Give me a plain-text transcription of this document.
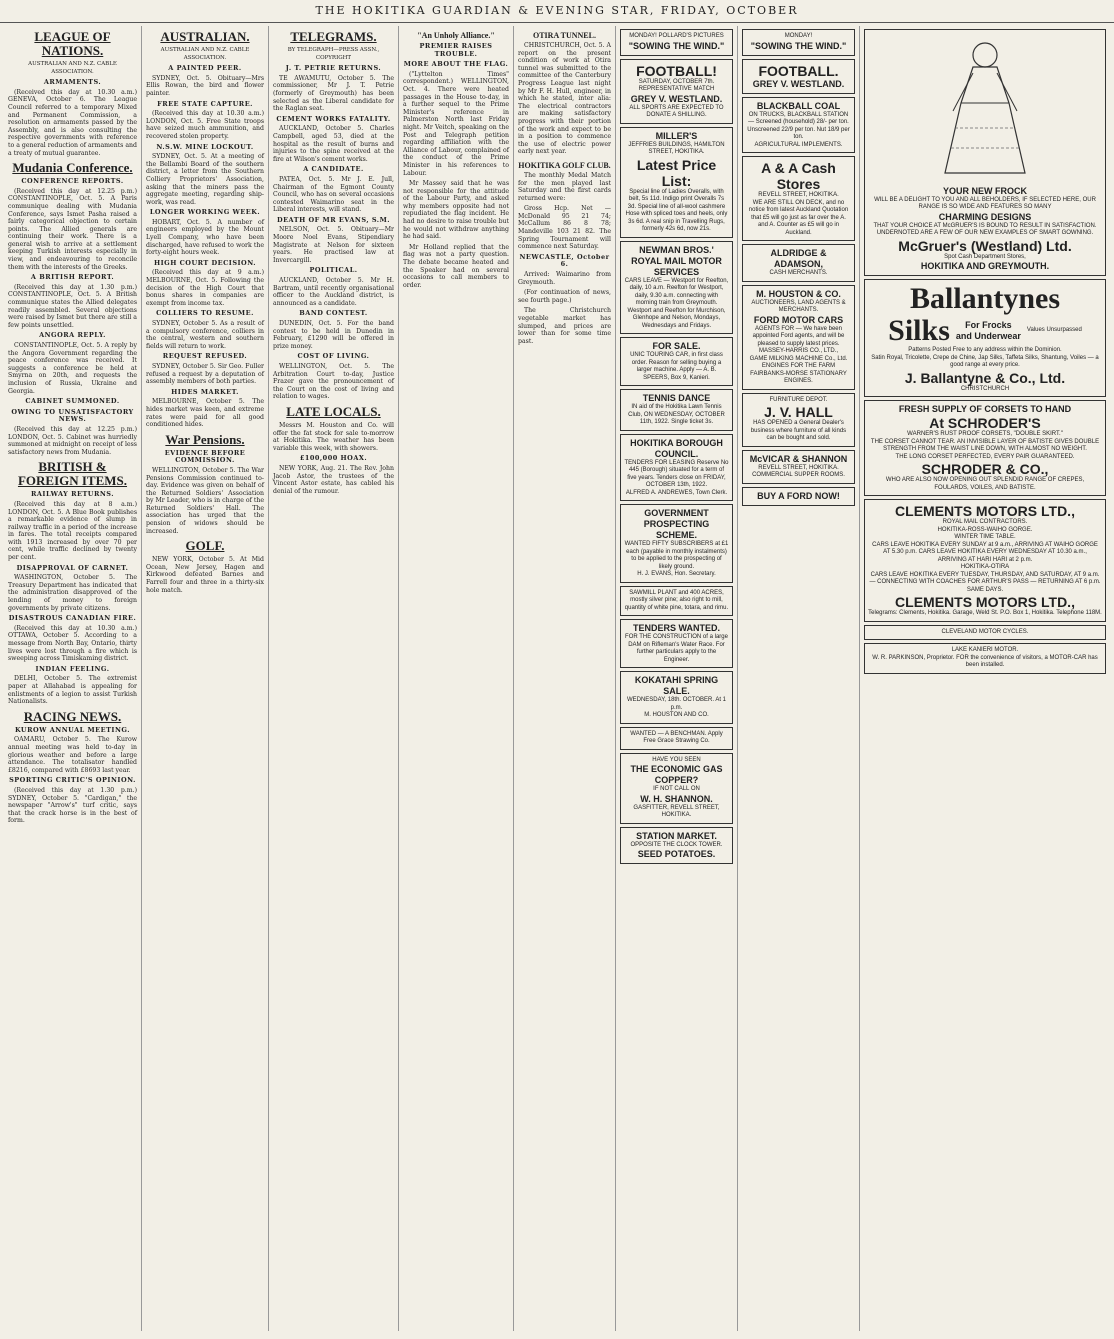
THE HOKITIKA GUARDIAN & EVENING STAR, FRIDAY, OCTOBER
LEAGUE OF NATIONS.
AUSTRALIAN AND N.Z. CABLE ASSOCIATION.
ARMAMENTS.

(Received this day at 10.30 a.m.) GENEVA, October 6. The League Council referred to a temporary Mixed and Permanent Commission, a resolution on armaments passed by the Assembly, and is also consulting the respective governments with reference to a general reduction of armaments and a treaty of mutual guarantee.

Mudania Conference.
CONFERENCE REPORTS.

(Received this day at 12.25 p.m.) CONSTANTINOPLE, Oct. 5. A Paris communique dealing with Mudania Conference, says Ismet Pasha raised a fairly categorical objection to certain points. The Allied generals are continuing their work. There is a general wish to arrive at a settlement keeping Turkish interests especially in view, and endeavouring to reconcile them with the interests of the Greeks.

A BRITISH REPORT.

(Received this day at 1.30 p.m.) CONSTANTINOPLE, Oct. 5. A British communique states the Allied delegates readily assembled. Several objections were raised by Ismet but there are still a few points unsettled.

ANGORA REPLY.

CONSTANTINOPLE, Oct. 5. A reply by the Angora Government regarding the peace conference was received. It suggests a conference be held at Smyrna on 20th, and requests the inclusion of Russia, Ukraine and Georgia.

CABINET SUMMONED.
OWING TO UNSATISFACTORY NEWS.

(Received this day at 12.25 p.m.) LONDON, Oct. 5. Cabinet was hurriedly summoned at midnight on receipt of less satisfactory news from Mudania.

BRITISH & FOREIGN ITEMS.
RAILWAY RETURNS.

(Received this day at 8 a.m.) LONDON, Oct. 5. A Blue Book publishes a remarkable evidence of slump in railway traffic in a period of the increase in fares. The total receipts compared with 1913 increased by over 70 per cent, while traffic declined by twenty per cent.

DISAPPROVAL OF CARNET.

WASHINGTON, October 5. The Treasury Department has indicated that the administration disapproved of the lending of money to foreign governments by private citizens.

DISASTROUS CANADIAN FIRE.

(Received this day at 10.30 a.m.) OTTAWA, October 5. According to a message from North Bay, Ontario, thirty lives were lost through a fire which is sweeping across Timiskaming district.

INDIAN FEELING.

DELHI, October 5. The extremist paper at Allahabad is appealing for enlistments of a legion to assist Turkish Nationalists.

RACING NEWS.
KUROW ANNUAL MEETING.

OAMARU, October 5. The Kurow annual meeting was held to-day in glorious weather and before a large attendance. The totalisator handled £8216, compared with £8693 last year.

SPORTING CRITIC'S OPINION.

(Received this day at 1.30 p.m.) SYDNEY, October 5. "Cardigan," the newspaper "Arrow's" turf critic, says that the crack horse is in the best of form.

AUSTRALIAN.
AUSTRALIAN AND N.Z. CABLE ASSOCIATION.
A PAINTED PEER.

SYDNEY, Oct. 5. Obituary—Mrs Ellis Rowan, the bird and flower painter.

FREE STATE CAPTURE.

(Received this day at 10.30 a.m.) LONDON, Oct. 5. Free State troops have seized much ammunition, and recovered stolen property.

N.S.W. MINE LOCKOUT.

SYDNEY, Oct. 5. At a meeting of the Bellambi Board of the southern district, a letter from the Southern Colliery Proprietors' Association, asking that the miners pass the aggregate meeting, regarding ship-work, was read.

LONGER WORKING WEEK.

HOBART, Oct. 5. A number of engineers employed by the Mount Lyell Company, who have been discharged, have refused to work the forty-eight hours week.

HIGH COURT DECISION.

(Received this day at 9 a.m.) MELBOURNE, Oct. 5. Following the decision of the High Court that bonus shares in companies are exempt from income tax.

COLLIERS TO RESUME.

SYDNEY, October 5. As a result of a compulsory conference, colliers in the central, western and southern fields will return to work.

REQUEST REFUSED.

SYDNEY, October 5. Sir Geo. Fuller refused a request by a deputation of assembly members of both parties.

HIDES MARKET.

MELBOURNE, October 5. The hides market was keen, and extreme rates were paid for all good conditioned hides.

War Pensions.
EVIDENCE BEFORE COMMISSION.

WELLINGTON, October 5. The War Pensions Commission continued to-day. Evidence was given on behalf of the Returned Soldiers' Association by Mr Leader, who is in charge of the Returned Soldiers' Hall. The association has urged that the pension of widows should be increased.

GOLF.

NEW YORK, October 5. At Mid Ocean, New Jersey, Hagen and Kirkwood defeated Barnes and Farrell four and three in a thirty-six hole match.

TELEGRAMS.
BY TELEGRAPH—PRESS ASSN., COPYRIGHT
J. T. PETRIE RETURNS.

TE AWAMUTU, October 5. The commissioner, Mr J. T. Petrie (formerly of Greymouth) has been selected as the Liberal candidate for the Raglan seat.

CEMENT WORKS FATALITY.

AUCKLAND, October 5. Charles Campbell, aged 53, died at the hospital as the result of burns and injuries to the spine received at the fire at Wilson's cement works.

A CANDIDATE.

PATEA, Oct. 5. Mr J. E. Jull, Chairman of the Egmont County Council, who has on several occasions contested Waimarino seat in the Liberal interests, will stand.

DEATH OF MR EVANS, S.M.

NELSON, Oct. 5. Obituary—Mr Moore Noel Evans, Stipendiary Magistrate at Nelson for sixteen years. He practised law at Invercargill.

POLITICAL.

AUCKLAND, October 5. Mr H. Bartram, until recently organisational officer to the Auckland district, is announced as a candidate.

BAND CONTEST.

DUNEDIN, Oct. 5. For the band contest to be held in Dunedin in February, £1290 will be offered in prize money.

COST OF LIVING.

WELLINGTON, Oct. 5. The Arbitration Court to-day, Justice Frazer gave the pronouncement of the Court on the cost of living and relation to wages.

LATE LOCALS.

Messrs M. Houston and Co. will offer the fat stock for sale to-morrow at Hokitika. The weather has been variable this week, with showers.

£100,000 HOAX.

NEW YORK, Aug. 21. The Rev. John Jacob Astor, the trustees of the Vincent Astor estate, has cabled his denial of the rumour.

"An Unholy Alliance."
PREMIER RAISES TROUBLE.
MORE ABOUT THE FLAG.

("Lyttelton Times" correspondent.) WELLINGTON, Oct. 4. There were heated passages in the House to-day, in a further sequel to the Prime Minister's reference in Palmerston North last Friday night. Mr Veitch, speaking on the Post and Telegraph petition regarding affiliation with the Alliance of Labour, complained of the conduct of the Prime Minister in his references to Labour.

Mr Massey said that he was not responsible for the attitude of the Labour Party, and asked why members opposite had not repudiated the flag incident. He had no desire to raise trouble but he would not withdraw anything he had said.

Mr Holland replied that the flag was not a party question. The debate became heated and the Speaker had on several occasions to call members to order.

OTIRA TUNNEL.

CHRISTCHURCH, Oct. 5. A report on the present condition of work at Otira tunnel was submitted to the committee of the Canterbury Progress League last night by Mr F. H. Hull, engineer, in which he stated, inter alia: The electrical contractors are making satisfactory progress with their portion of the work and expect to be in a position to commence the use of electric power early next year.

HOKITIKA GOLF CLUB.

The monthly Medal Match for the men played last Saturday and the first cards returned were:

Gross Hcp. Net — McDonald 95 21 74; McCallum 86 8 78; Mandeville 103 21 82. The Spring Tournament will commence next Saturday.

NEWCASTLE, October 6.

Arrived: Waimarino from Greymouth.

(For continuation of news, see fourth page.)

The Christchurch vegetable market has slumped, and prices are lower than for some time past.

MONDAY! POLLARD'S PICTURES
"SOWING THE WIND."
FOOTBALL!
SATURDAY, OCTOBER 7th. REPRESENTATIVE MATCH
GREY V. WESTLAND.
ALL SPORTS ARE EXPECTED TO DONATE A SHILLING.
MILLER'S
JEFFRIES BUILDINGS, HAMILTON STREET, HOKITIKA.
Latest Price List:
Special line of Ladies Overalls, with belt, 5s 11d. Indigo print Overalls 7s 3d. Special line of all-wool cashmere Hose with spliced toes and heels, only 3s 6d. A real snip in Travelling Rugs, formerly 42s 6d, now 21s.
NEWMAN BROS.' ROYAL MAIL MOTOR SERVICES
CARS LEAVE — Westport for Reefton, daily, 10 a.m. Reefton for Westport, daily, 9.30 a.m. connecting with morning train from Greymouth. Westport and Reefton for Murchison, Glenhope and Nelson, Mondays, Wednesdays and Fridays.
FOR SALE.
UNIC TOURING CAR, in first class order. Reason for selling buying a larger machine. Apply — A. B. SPEERS, Box 9, Kanieri.
TENNIS DANCE
IN aid of the Hokitika Lawn Tennis Club, ON WEDNESDAY, OCTOBER 11th, 1922. Single ticket 3s.
HOKITIKA BOROUGH COUNCIL.
TENDERS FOR LEASING Reserve No 445 (Borough) situated for a term of five years. Tenders close on FRIDAY, OCTOBER 13th, 1922.
ALFRED A. ANDREWES, Town Clerk.
GOVERNMENT PROSPECTING SCHEME.
WANTED FIFTY SUBSCRIBERS at £1 each (payable in monthly instalments) to be applied to the prospecting of likely ground.
H. J. EVANS, Hon. Secretary.
SAWMILL PLANT and 400 ACRES, mostly silver pine; also right to mill, quantity of white pine, totara, and rimu.
TENDERS WANTED.
FOR THE CONSTRUCTION of a large DAM on Rifleman's Water Race. For further particulars apply to the Engineer.
KOKATAHI SPRING SALE.
WEDNESDAY, 18th. OCTOBER. At 1 p.m.
M. HOUSTON AND CO.
WANTED — A BENCHMAN. Apply Free Grace Strawing Co.
HAVE YOU SEEN
THE ECONOMIC GAS COPPER?
IF NOT CALL ON
W. H. SHANNON.
GASFITTER, REVELL STREET, HOKITIKA.
STATION MARKET.
OPPOSITE THE CLOCK TOWER.
SEED POTATOES.
MONDAY!
"SOWING THE WIND."
FOOTBALL.
GREY V. WESTLAND.
BLACKBALL COAL
ON TRUCKS, BLACKBALL STATION — Screened (household) 28/- per ton. Unscreened 22/9 per ton. Nut 18/9 per ton.
AGRICULTURAL IMPLEMENTS.
A & A Cash Stores
REVELL STREET, HOKITIKA.
WE ARE STILL ON DECK, and no notice from latest Auckland Quotation that £5 will go just as far over the A. and A. Counter as £5 will go in Auckland.
ALDRIDGE & ADAMSON,
CASH MERCHANTS.
M. HOUSTON & CO.
AUCTIONEERS, LAND AGENTS & MERCHANTS.
FORD MOTOR CARS
AGENTS FOR — We have been appointed Ford agents, and will be pleased to supply latest prices.
MASSEY-HARRIS CO., LTD.,
GAME MILKING MACHINE Co., Ltd.
ENGINES FOR THE FARM
FAIRBANKS-MORSE STATIONARY ENGINES.
FURNITURE DEPOT.
J. V. HALL
HAS OPENED a General Dealer's business where furniture of all kinds can be bought and sold.
McVICAR & SHANNON
REVELL STREET, HOKITIKA.
COMMERCIAL SUPPER ROOMS.
BUY A FORD NOW!
YOUR NEW FROCK
WILL BE A DELIGHT TO YOU AND ALL BEHOLDERS, IF SELECTED HERE, OUR RANGE IS SO WIDE AND FEATURES SO MANY
CHARMING DESIGNS
THAT YOUR CHOICE AT McGRUER'S IS BOUND TO RESULT IN SATISFACTION. UNDERNOTED ARE A FEW OF OUR NEW EXAMPLES OF SMART GOWNING.
McGruer's (Westland) Ltd.
Spot Cash Department Stores,
HOKITIKA AND GREYMOUTH.
Ballantynes
Silks	For Frocks
and Underwear
Values Unsurpassed
Patterns Posted Free to any address within the Dominion.
Satin Royal, Tricolette, Crepe de Chine, Jap Silks, Taffeta Silks, Shantung, Voiles — a good range at every price.
J. Ballantyne & Co., Ltd.
CHRISTCHURCH
FRESH SUPPLY OF CORSETS TO HAND
At SCHRODER'S
WARNER'S RUST PROOF CORSETS, "DOUBLE SKIRT."
THE CORSET CANNOT TEAR. AN INVISIBLE LAYER OF BATISTE GIVES DOUBLE STRENGTH FROM THE WAIST LINE DOWN, WITH ALMOST NO WEIGHT.
THE LONG CORSET PERFECTED, EVERY PAIR GUARANTEED.
SCHRODER & CO.,
WHO ARE ALSO NOW OPENING OUT SPLENDID RANGE OF CREPES, FOULARDS, VOILES, AND BATISTE.
CLEMENTS MOTORS LTD.,
ROYAL MAIL CONTRACTORS.
HOKITIKA-ROSS-WAIHO GORGE.
WINTER TIME TABLE.
CARS LEAVE HOKITIKA EVERY SUNDAY at 9 a.m., ARRIVING AT WAIHO GORGE AT 5.30 p.m. CARS LEAVE HOKITIKA EVERY WEDNESDAY AT 10.30 a.m., ARRIVING AT HARI HARI at 2 p.m.
HOKITIKA-OTIRA
CARS LEAVE HOKITIKA EVERY TUESDAY, THURSDAY, AND SATURDAY, AT 9 a.m. — CONNECTING WITH COACHES FOR ARTHUR'S PASS — RETURNING AT 6 p.m. SAME DAYS.
CLEMENTS MOTORS LTD.,
Telegrams: Clements, Hokitika. Garage, Weld St. P.O. Box 1, Hokitika. Telephone 118M.
CLEVELAND MOTOR CYCLES.
LAKE KANIERI MOTOR.
W. R. PARKINSON, Proprietor. FOR the convenience of visitors, a MOTOR-CAR has been installed.
